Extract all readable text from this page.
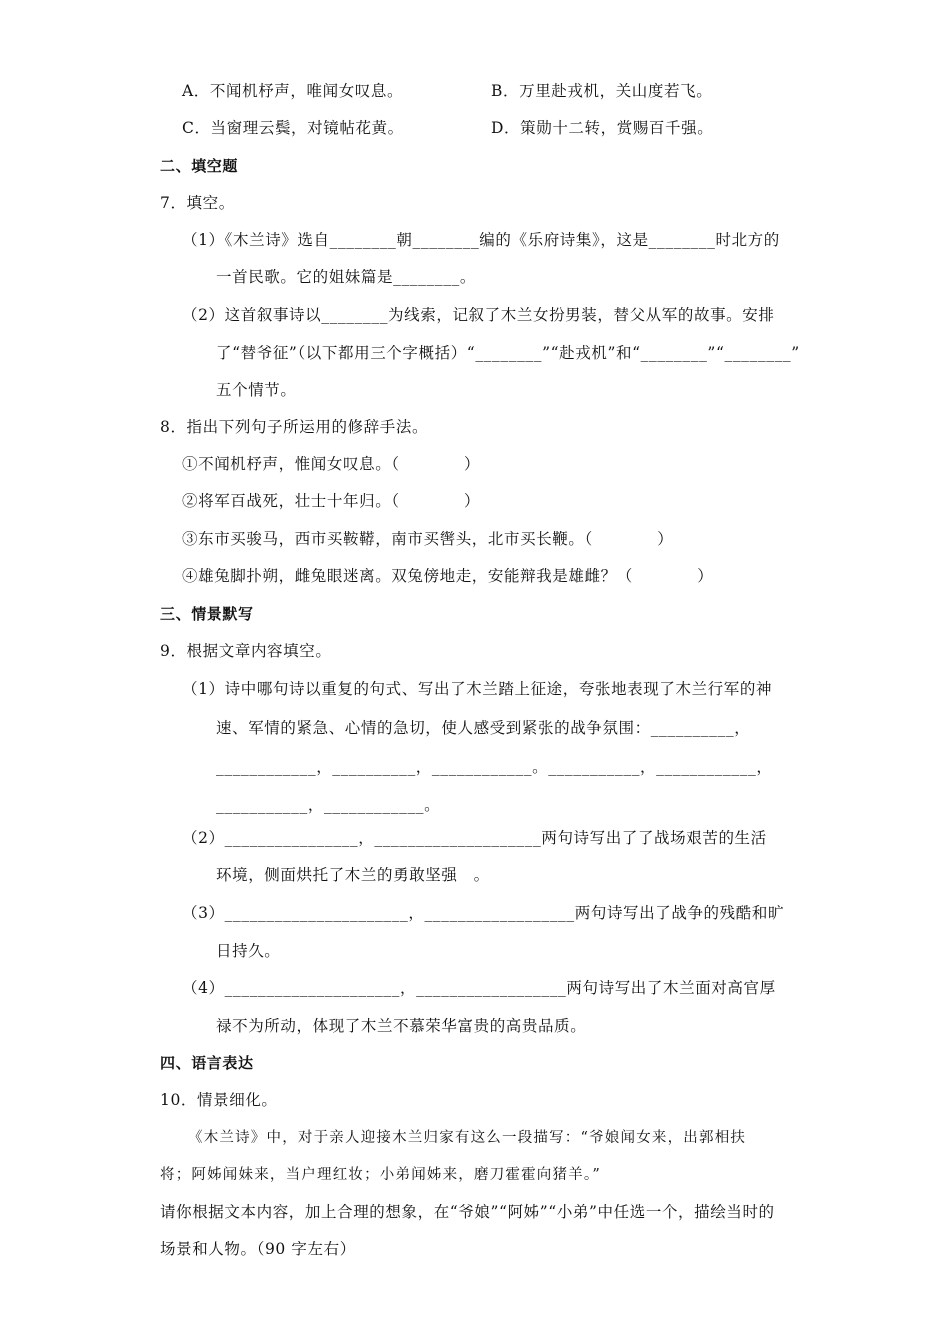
A．不闻机杼声，唯闻女叹息。	B．万里赴戎机，关山度若飞。
C．当窗理云鬓，对镜帖花黄。	D．策勋十二转，赏赐百千强。
二、填空题
7．填空。
（1）《木兰诗》选自________朝________编的《乐府诗集》，这是________时北方的
一首民歌。它的姐妹篇是________。
（2）这首叙事诗以________为线索，记叙了木兰女扮男装，替父从军的故事。安排
了“替爷征”（以下都用三个字概括）“________”“赴戎机”和“________”“________”
五个情节。
8．指出下列句子所运用的修辞手法。
①不闻机杼声，惟闻女叹息。（　　　　）
②将军百战死，壮士十年归。（　　　　）
③东市买骏马，西市买鞍鞯，南市买辔头，北市买长鞭。（　　　　）
④雄兔脚扑朔，雌兔眼迷离。双兔傍地走，安能辩我是雄雌？（　　　　）
三、情景默写
9．根据文章内容填空。
（1）诗中哪句诗以重复的句式、写出了木兰踏上征途，夸张地表现了木兰行军的神
速、军情的紧急、心情的急切，使人感受到紧张的战争氛围：__________，
____________，__________，____________。___________，____________，
___________，____________。
（2）________________，____________________两句诗写出了了战场艰苦的生活
环境，侧面烘托了木兰的勇敢坚强　。
（3）______________________，__________________两句诗写出了战争的残酷和旷
日持久。
（4）_____________________，__________________两句诗写出了木兰面对高官厚
禄不为所动，体现了木兰不慕荣华富贵的高贵品质。
四、语言表达
10．情景细化。
《木兰诗》中，对于亲人迎接木兰归家有这么一段描写：“爷娘闻女来，出郭相扶
将；阿姊闻妹来，当户理红妆；小弟闻姊来，磨刀霍霍向猪羊。”
请你根据文本内容，加上合理的想象，在“爷娘”“阿姊”“小弟”中任选一个，描绘当时的
场景和人物。（90 字左右）
